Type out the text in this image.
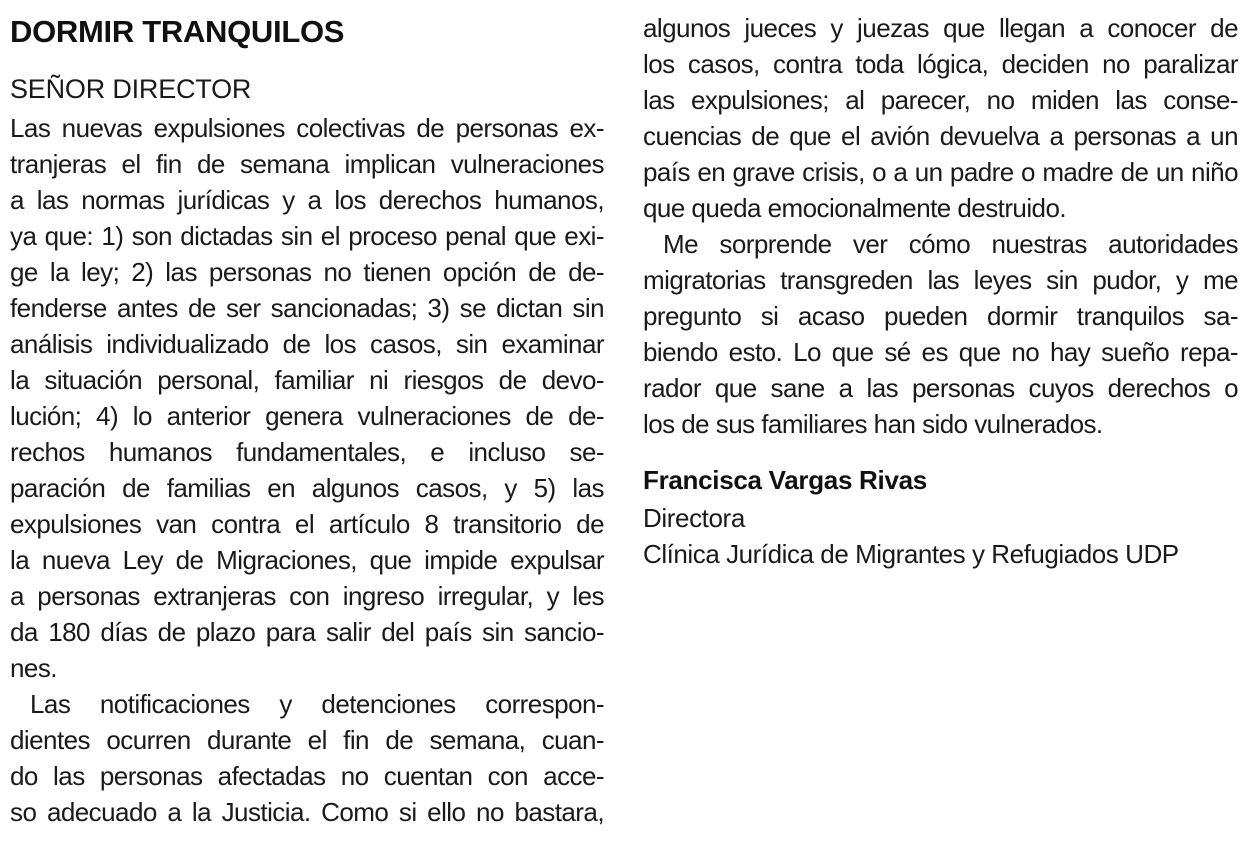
DORMIR TRANQUILOS
SEÑOR DIRECTOR
Las nuevas expulsiones colectivas de personas ex-
tranjeras el fin de semana implican vulneraciones
a las normas jurídicas y a los derechos humanos,
ya que: 1) son dictadas sin el proceso penal que exi-
ge la ley; 2) las personas no tienen opción de de-
fenderse antes de ser sancionadas; 3) se dictan sin
análisis individualizado de los casos, sin examinar
la situación personal, familiar ni riesgos de devo-
lución; 4) lo anterior genera vulneraciones de de-
rechos humanos fundamentales, e incluso se-
paración de familias en algunos casos, y 5) las
expulsiones van contra el artículo 8 transitorio de
la nueva Ley de Migraciones, que impide expulsar
a personas extranjeras con ingreso irregular, y les
da 180 días de plazo para salir del país sin sancio-
nes.
Las notificaciones y detenciones correspon-
dientes ocurren durante el fin de semana, cuan-
do las personas afectadas no cuentan con acce-
so adecuado a la Justicia. Como si ello no bastara,
algunos jueces y juezas que llegan a conocer de
los casos, contra toda lógica, deciden no paralizar
las expulsiones; al parecer, no miden las conse-
cuencias de que el avión devuelva a personas a un
país en grave crisis, o a un padre o madre de un niño
que queda emocionalmente destruido.
Me sorprende ver cómo nuestras autoridades
migratorias transgreden las leyes sin pudor, y me
pregunto si acaso pueden dormir tranquilos sa-
biendo esto. Lo que sé es que no hay sueño repa-
rador que sane a las personas cuyos derechos o
los de sus familiares han sido vulnerados.
Francisca Vargas Rivas
Directora
Clínica Jurídica de Migrantes y Refugiados UDP
